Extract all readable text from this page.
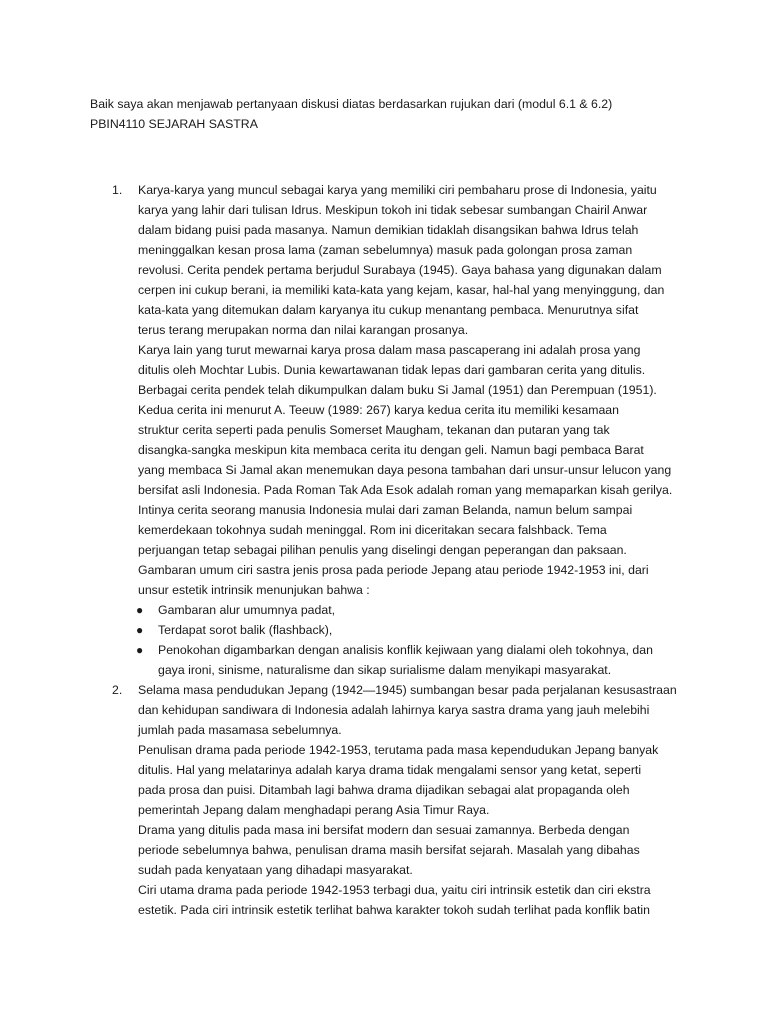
Baik saya akan menjawab pertanyaan diskusi diatas berdasarkan rujukan dari (modul 6.1 & 6.2)
PBIN4110 SEJARAH SASTRA
1. Karya-karya yang muncul sebagai karya yang memiliki ciri pembaharu prose di Indonesia, yaitu
karya yang lahir dari tulisan Idrus. Meskipun tokoh ini tidak sebesar sumbangan Chairil Anwar
dalam bidang puisi pada masanya. Namun demikian tidaklah disangsikan bahwa Idrus telah
meninggalkan kesan prosa lama (zaman sebelumnya) masuk pada golongan prosa zaman
revolusi. Cerita pendek pertama berjudul Surabaya (1945). Gaya bahasa yang digunakan dalam
cerpen ini cukup berani, ia memiliki kata-kata yang kejam, kasar, hal-hal yang menyinggung, dan
kata-kata yang ditemukan dalam karyanya itu cukup menantang pembaca. Menurutnya sifat
terus terang merupakan norma dan nilai karangan prosanya.
Karya lain yang turut mewarnai karya prosa dalam masa pascaperang ini adalah prosa yang
ditulis oleh Mochtar Lubis. Dunia kewartawanan tidak lepas dari gambaran cerita yang ditulis.
Berbagai cerita pendek telah dikumpulkan dalam buku Si Jamal (1951) dan Perempuan (1951).
Kedua cerita ini menurut A. Teeuw (1989: 267) karya kedua cerita itu memiliki kesamaan
struktur cerita seperti pada penulis Somerset Maugham, tekanan dan putaran yang tak
disangka-sangka meskipun kita membaca cerita itu dengan geli. Namun bagi pembaca Barat
yang membaca Si Jamal akan menemukan daya pesona tambahan dari unsur-unsur lelucon yang
bersifat asli Indonesia. Pada Roman Tak Ada Esok adalah roman yang memaparkan kisah gerilya.
Intinya cerita seorang manusia Indonesia mulai dari zaman Belanda, namun belum sampai
kemerdekaan tokohnya sudah meninggal. Rom ini diceritakan secara falshback. Tema
perjuangan tetap sebagai pilihan penulis yang diselingi dengan peperangan dan paksaan.
Gambaran umum ciri sastra jenis prosa pada periode Jepang atau periode 1942-1953 ini, dari
unsur estetik intrinsik menunjukan bahwa :
● Gambaran alur umumnya padat,
● Terdapat sorot balik (flashback),
● Penokohan digambarkan dengan analisis konflik kejiwaan yang dialami oleh tokohnya, dan
gaya ironi, sinisme, naturalisme dan sikap surialisme dalam menyikapi masyarakat.
2. Selama masa pendudukan Jepang (1942—1945) sumbangan besar pada perjalanan kesusastraan
dan kehidupan sandiwara di Indonesia adalah lahirnya karya sastra drama yang jauh melebihi
jumlah pada masamasa sebelumnya.
Penulisan drama pada periode 1942-1953, terutama pada masa kependudukan Jepang banyak
ditulis. Hal yang melatarinya adalah karya drama tidak mengalami sensor yang ketat, seperti
pada prosa dan puisi. Ditambah lagi bahwa drama dijadikan sebagai alat propaganda oleh
pemerintah Jepang dalam menghadapi perang Asia Timur Raya.
Drama yang ditulis pada masa ini bersifat modern dan sesuai zamannya. Berbeda dengan
periode sebelumnya bahwa, penulisan drama masih bersifat sejarah. Masalah yang dibahas
sudah pada kenyataan yang dihadapi masyarakat.
Ciri utama drama pada periode 1942-1953 terbagi dua, yaitu ciri intrinsik estetik dan ciri ekstra
estetik. Pada ciri intrinsik estetik terlihat bahwa karakter tokoh sudah terlihat pada konflik batin
